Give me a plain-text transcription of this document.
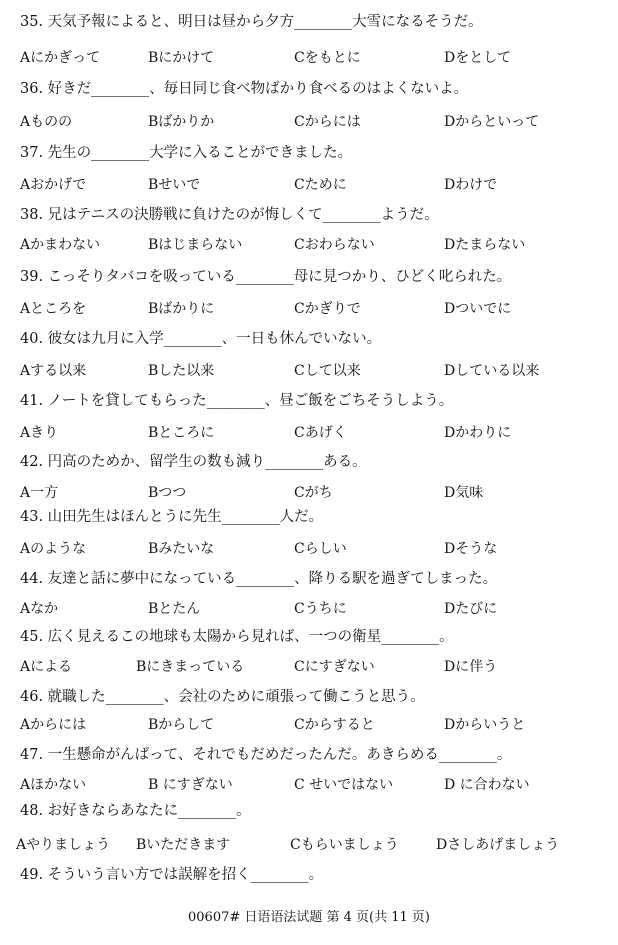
35. 天気予報によると、明日は昼から夕方________大雪になるそうだ。
Aにかぎって	Bにかけて	Cをもとに	Dをとして
36. 好きだ________、毎日同じ食べ物ばかり食べるのはよくないよ。
Aものの	Bばかりか	Cからには	Dからといって
37. 先生の________大学に入ることができました。
Aおかげで	Bせいで	Cために	Dわけで
38. 兄はテニスの決勝戦に負けたのが悔しくて________ようだ。
Aかまわない	Bはじまらない	Cおわらない	Dたまらない
39. こっそりタバコを吸っている________母に見つかり、ひどく叱られた。
Aところを	Bばかりに	Cかぎりで	Dついでに
40. 彼女は九月に入学________、一日も休んでいない。
Aする以来	Bした以来	Cして以来	Dしている以来
41. ノートを貸してもらった________、昼ご飯をごちそうしよう。
Aきり	Bところに	Cあげく	Dかわりに
42. 円高のためか、留学生の数も減り________ある。
A一方	Bつつ	Cがち	D気味
43. 山田先生はほんとうに先生________人だ。
Aのような	Bみたいな	Cらしい	Dそうな
44. 友達と話に夢中になっている________、降りる駅を過ぎてしまった。
Aなか	Bとたん	Cうちに	Dたびに
45. 広く見えるこの地球も太陽から見れば、一つの衛星________。
Aによる	Bにきまっている	Cにすぎない	Dに伴う
46. 就職した________、会社のために頑張って働こうと思う。
Aからには	Bからして	Cからすると	Dからいうと
47. 一生懸命がんばって、それでもだめだったんだ。あきらめる________。
Aほかない	B にすぎない	C せいではない	D に合わない
48. お好きならあなたに________。
Aやりましょう Bいただきます	Cもらいましょう	Dさしあげましょう
49. そういう言い方では誤解を招く________。
00607# 日语语法试题 第 4 页(共 11 页)
